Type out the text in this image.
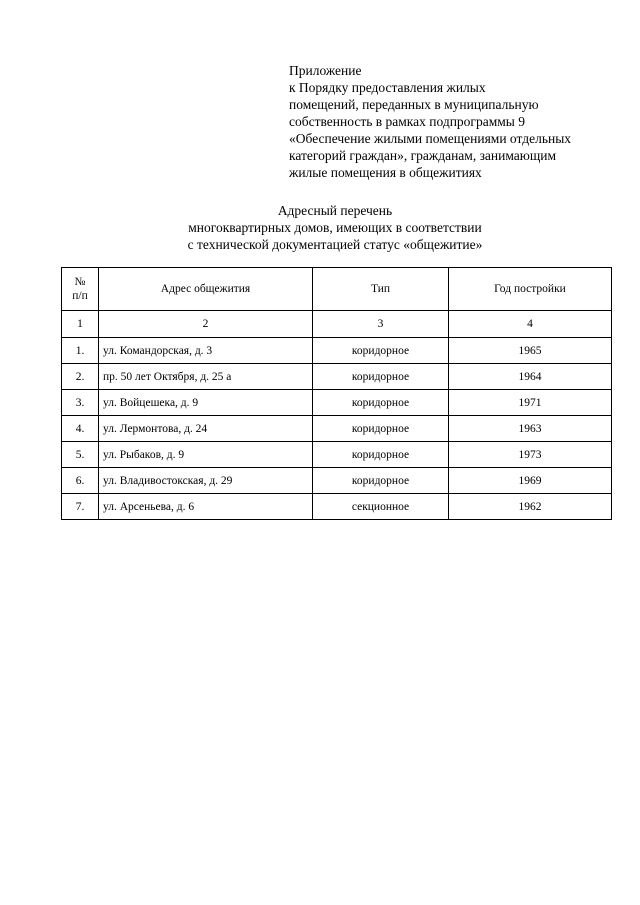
Приложение
к Порядку предоставления жилых
помещений, переданных в муниципальную
собственность в рамках подпрограммы 9
«Обеспечение жилыми помещениями отдельных
категорий граждан», гражданам, занимающим
жилые помещения в общежитиях
Адресный перечень
многоквартирных домов, имеющих в соответствии
с технической документацией статус «общежитие»
№
п/п	Адрес общежития	Тип	Год постройки
1	2	3	4
1.	ул. Командорская, д. 3	коридорное	1965
2.	пр. 50 лет Октября, д. 25 а	коридорное	1964
3.	ул. Войцешека, д. 9	коридорное	1971
4.	ул. Лермонтова, д. 24	коридорное	1963
5.	ул. Рыбаков, д. 9	коридорное	1973
6.	ул. Владивостокская, д. 29	коридорное	1969
7.	ул. Арсеньева, д. 6	секционное	1962
